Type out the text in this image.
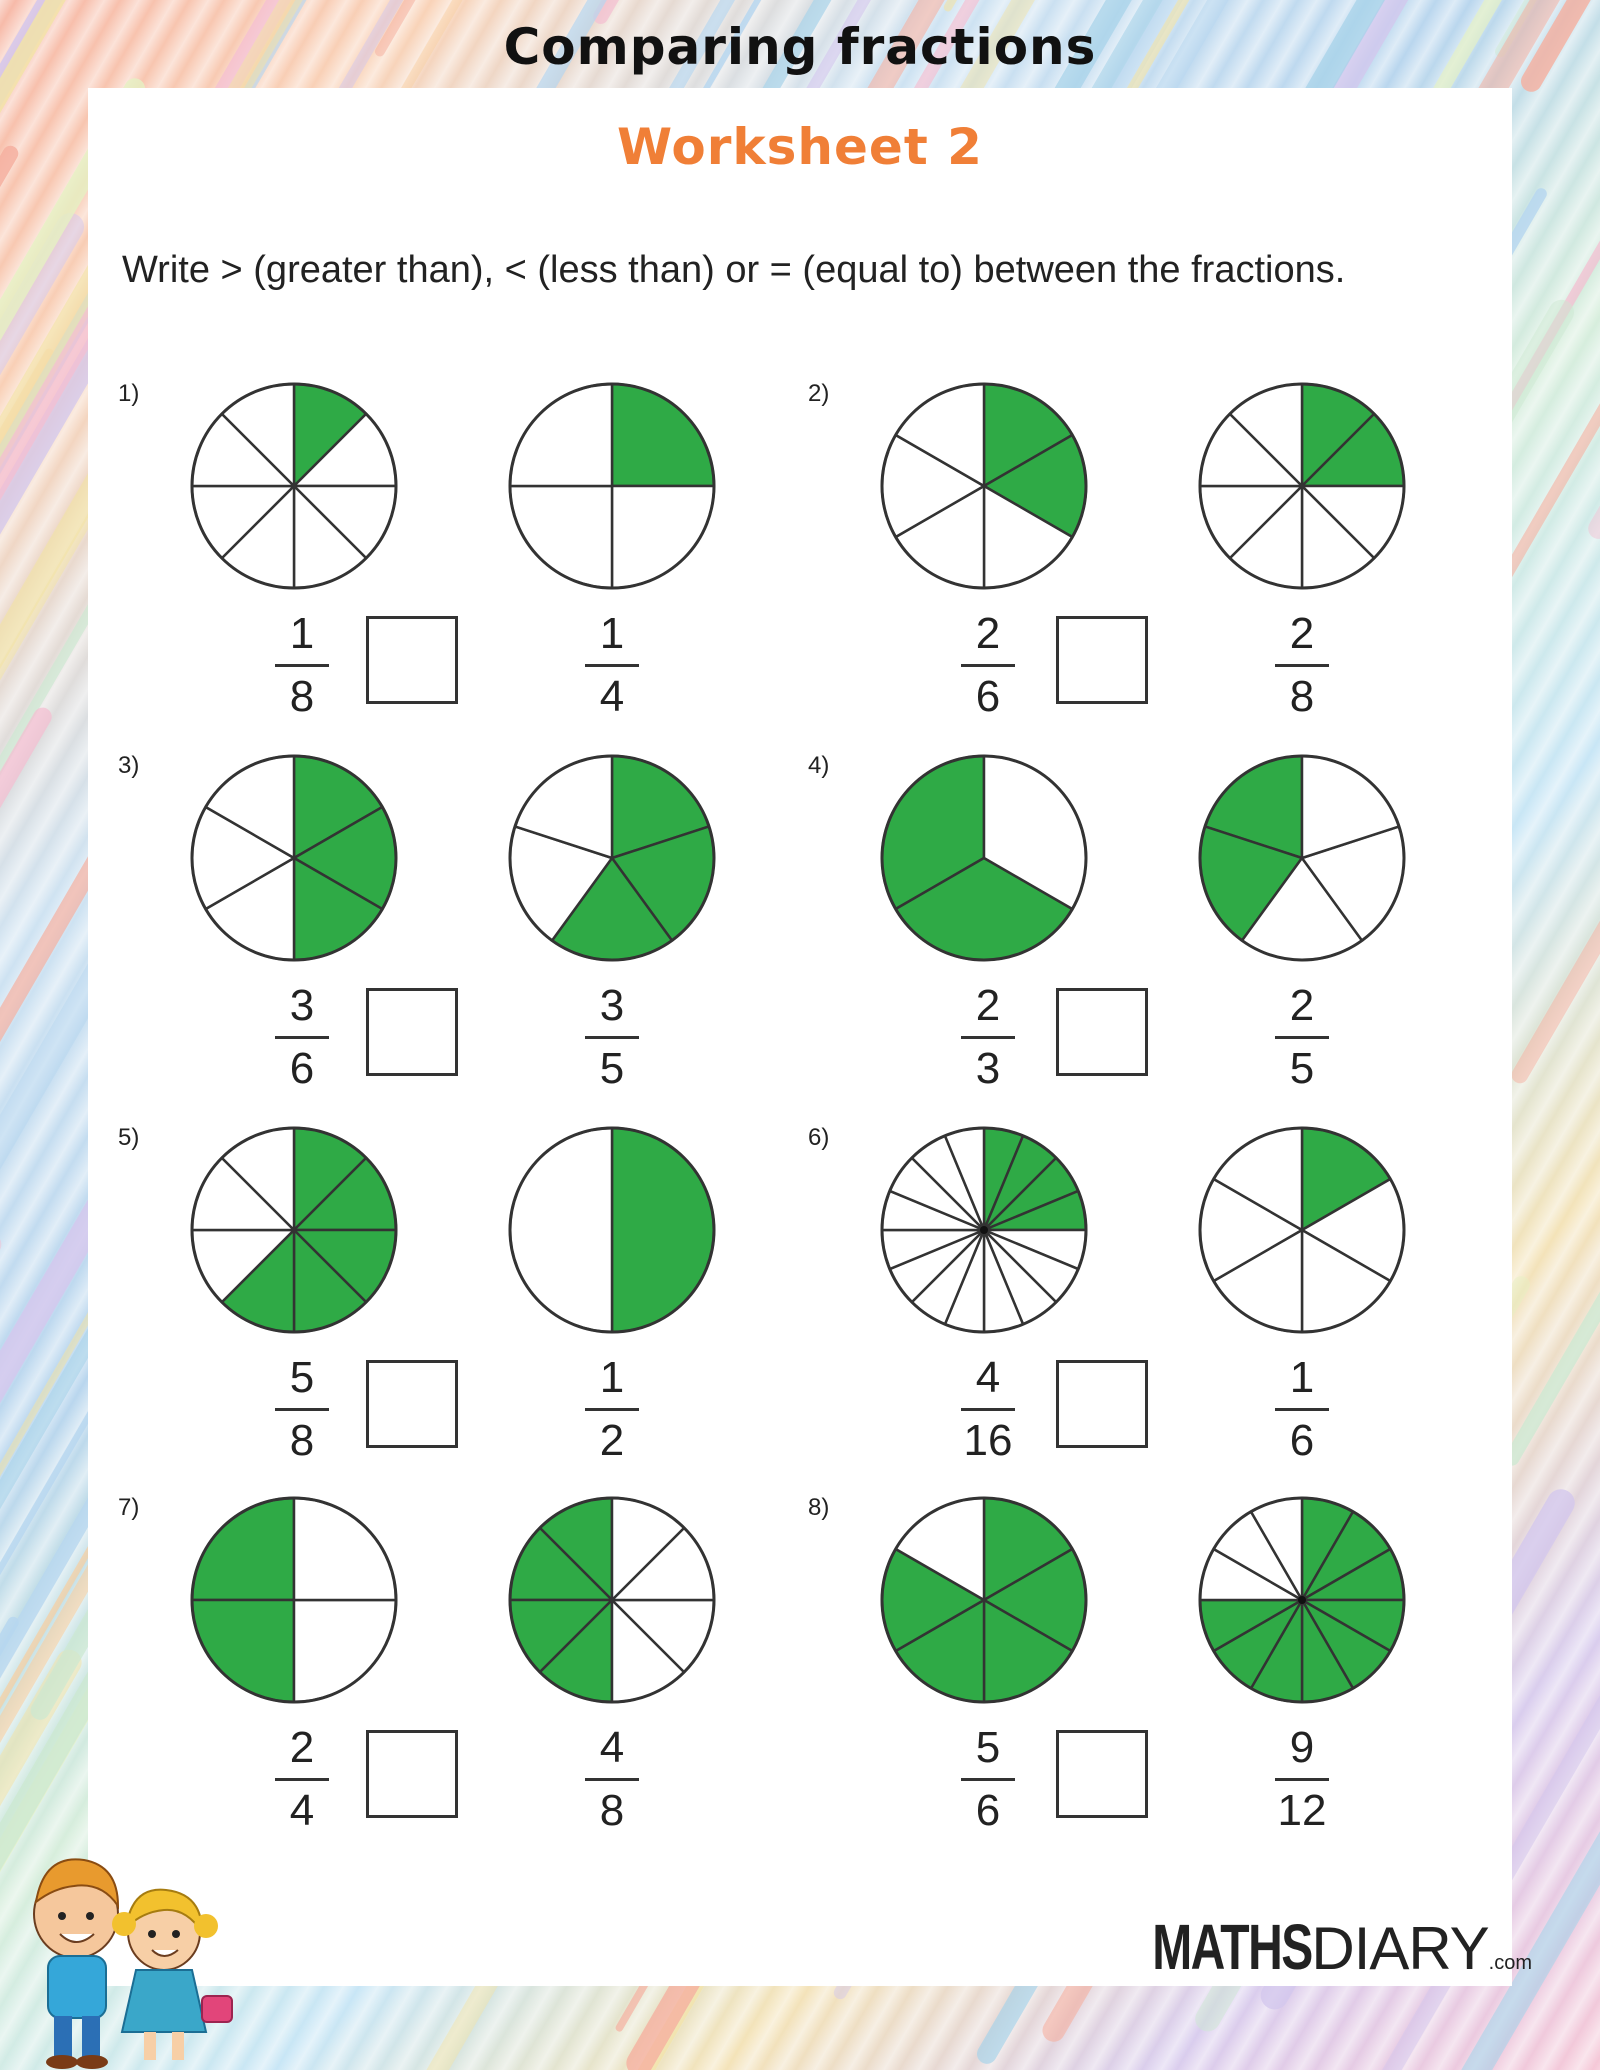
Comparing fractions
Worksheet 2
Write > (greater than), < (less than) or = (equal to) between the fractions.
1)
1
8
1
4
2)
2
6
2
8
3)
3
6
3
5
4)
2
3
2
5
5)
5
8
1
2
6)
4
16
1
6
7)
2
4
4
8
8)
5
6
9
12
MATHSDIARY.com
